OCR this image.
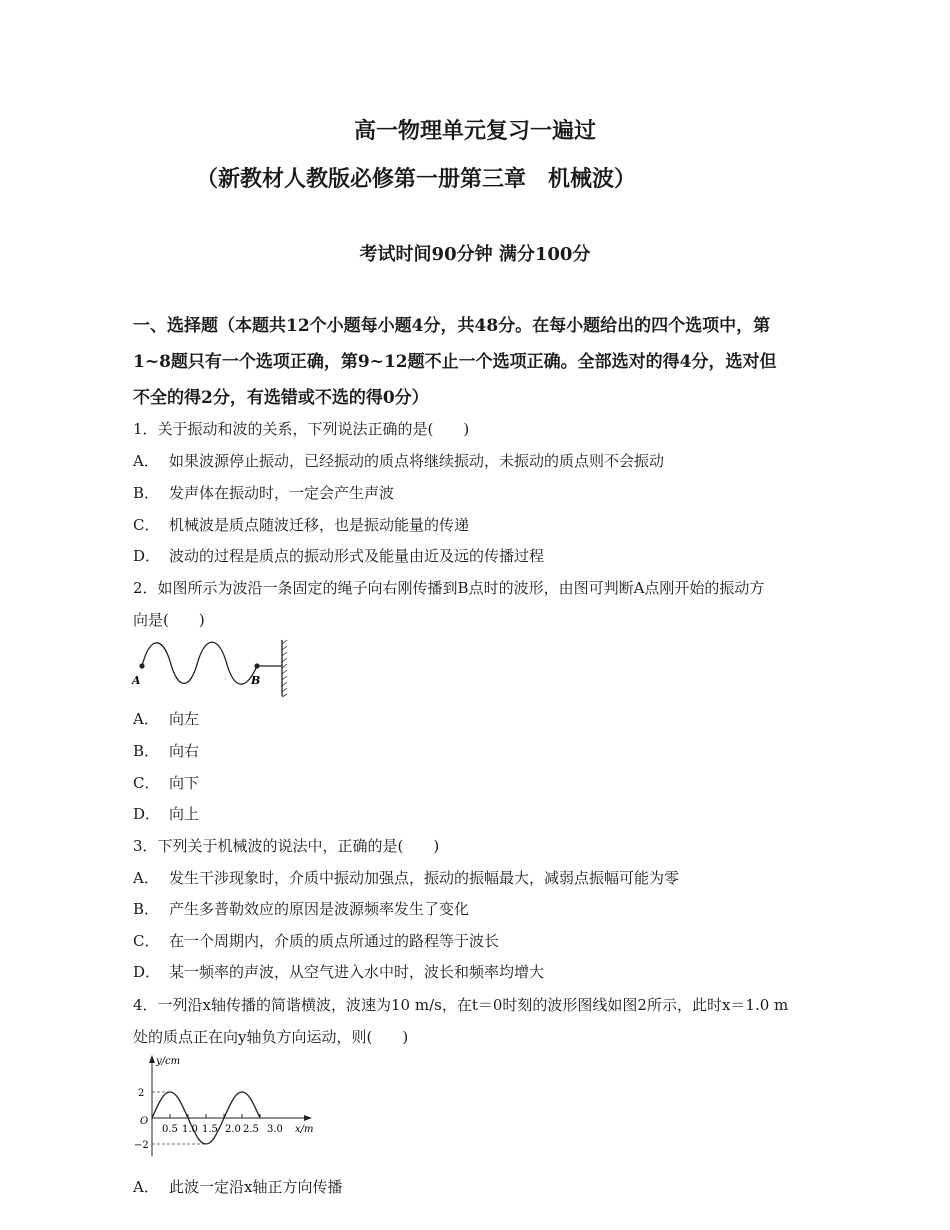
高一物理单元复习一遍过
（新教材人教版必修第一册第三章　机械波）
考试时间90分钟 满分100分
一、选择题（本题共12个小题每小题4分，共48分。在每小题给出的四个选项中，第
1~8题只有一个选项正确，第9~12题不止一个选项正确。全部选对的得4分，选对但
不全的得2分，有选错或不选的得0分）
1．关于振动和波的关系，下列说法正确的是(　　)
A． 如果波源停止振动，已经振动的质点将继续振动，未振动的质点则不会振动
B． 发声体在振动时，一定会产生声波
C． 机械波是质点随波迁移，也是振动能量的传递
D． 波动的过程是质点的振动形式及能量由近及远的传播过程
2．如图所示为波沿一条固定的绳子向右刚传播到B点时的波形，由图可判断A点刚开始的振动方
向是(　　)
A	B
A． 向左
B． 向右
C． 向下
D． 向上
3．下列关于机械波的说法中，正确的是(　　)
A． 发生干涉现象时，介质中振动加强点，振动的振幅最大，减弱点振幅可能为零
B． 产生多普勒效应的原因是波源频率发生了变化
C． 在一个周期内，介质的质点所通过的路程等于波长
D． 某一频率的声波，从空气进入水中时，波长和频率均增大
4．一列沿x轴传播的简谐横波，波速为10 m/s，在t＝0时刻的波形图线如图2所示，此时x＝1.0 m
处的质点正在向y轴负方向运动，则(　　)
y/cm
x/m
O
2
−2
0.5 1.0 1.5 2.0 2.5 3.0
A． 此波一定沿x轴正方向传播
